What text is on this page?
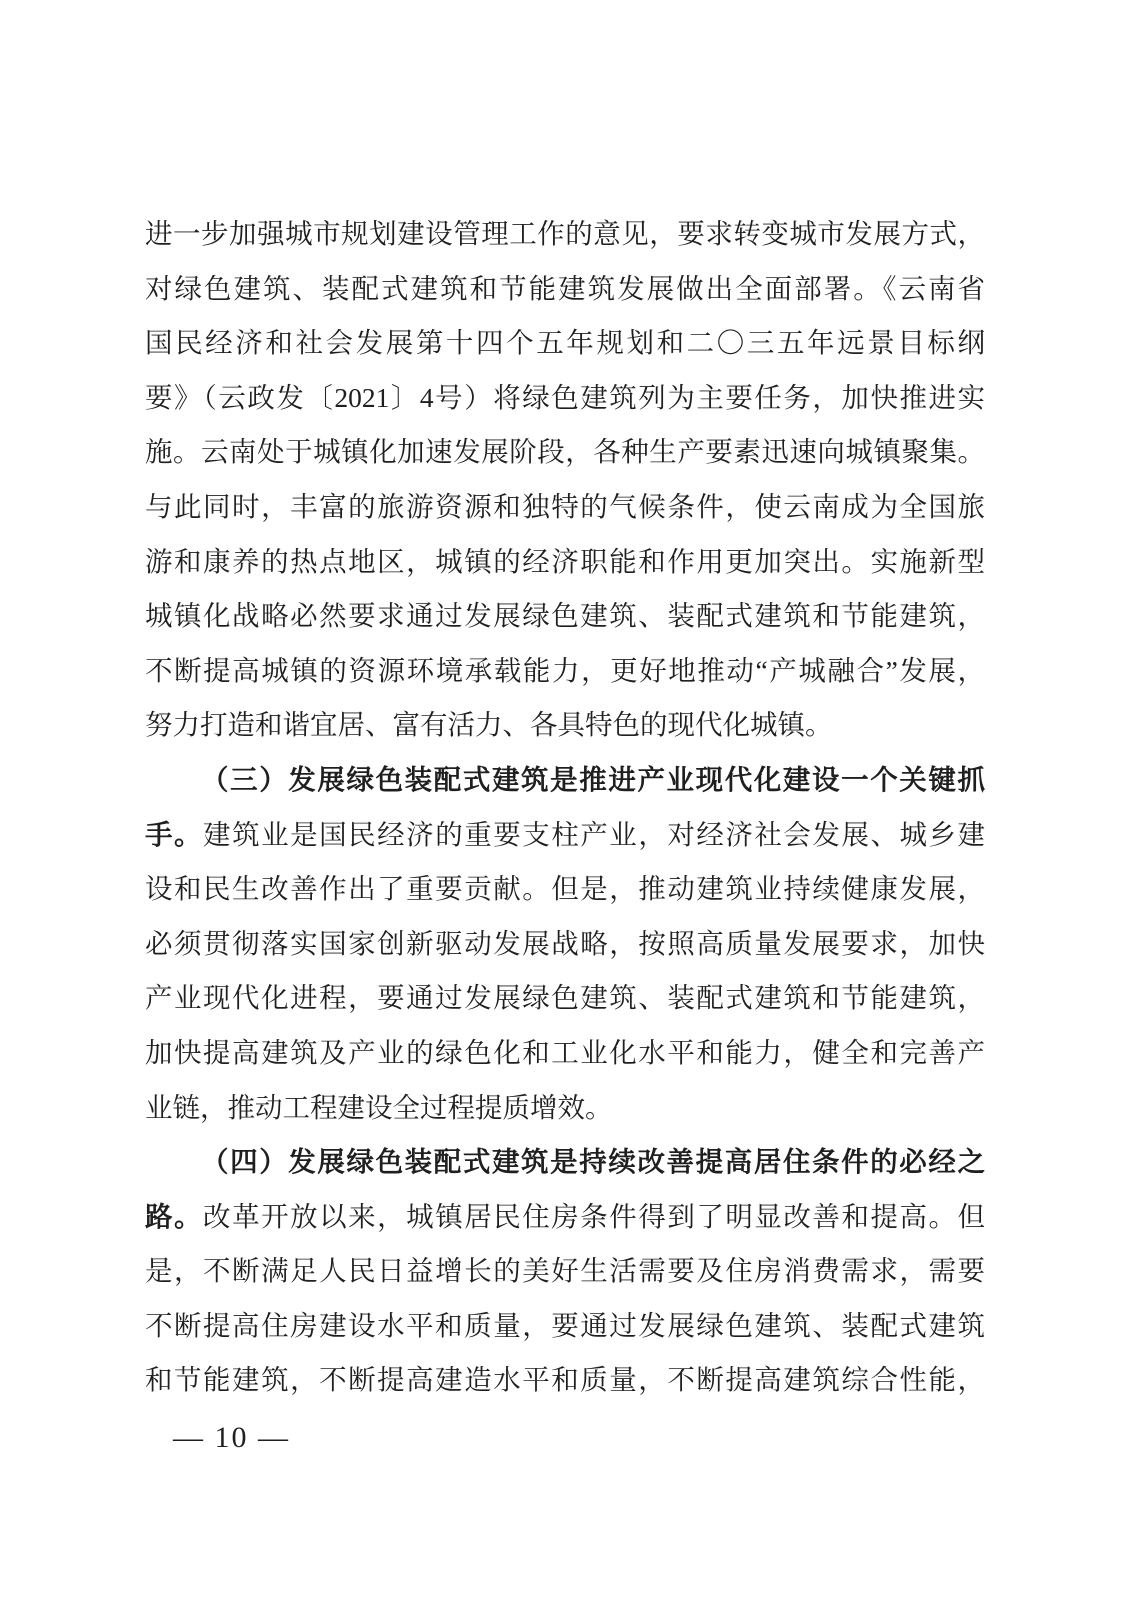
进一步加强城市规划建设管理工作的意见，要求转变城市发展方式，
对绿色建筑、装配式建筑和节能建筑发展做出全面部署。《云南省
国民经济和社会发展第十四个五年规划和二〇三五年远景目标纲
要》（云政发〔2021〕4号）将绿色建筑列为主要任务，加快推进实
施。云南处于城镇化加速发展阶段，各种生产要素迅速向城镇聚集。
与此同时，丰富的旅游资源和独特的气候条件，使云南成为全国旅
游和康养的热点地区，城镇的经济职能和作用更加突出。实施新型
城镇化战略必然要求通过发展绿色建筑、装配式建筑和节能建筑，
不断提高城镇的资源环境承载能力，更好地推动“产城融合”发展，
努力打造和谐宜居、富有活力、各具特色的现代化城镇。
（三）发展绿色装配式建筑是推进产业现代化建设一个关键抓
手。建筑业是国民经济的重要支柱产业，对经济社会发展、城乡建
设和民生改善作出了重要贡献。但是，推动建筑业持续健康发展，
必须贯彻落实国家创新驱动发展战略，按照高质量发展要求，加快
产业现代化进程，要通过发展绿色建筑、装配式建筑和节能建筑，
加快提高建筑及产业的绿色化和工业化水平和能力，健全和完善产
业链，推动工程建设全过程提质增效。
（四）发展绿色装配式建筑是持续改善提高居住条件的必经之
路。改革开放以来，城镇居民住房条件得到了明显改善和提高。但
是，不断满足人民日益增长的美好生活需要及住房消费需求，需要
不断提高住房建设水平和质量，要通过发展绿色建筑、装配式建筑
和节能建筑，不断提高建造水平和质量，不断提高建筑综合性能，
— 10 —
